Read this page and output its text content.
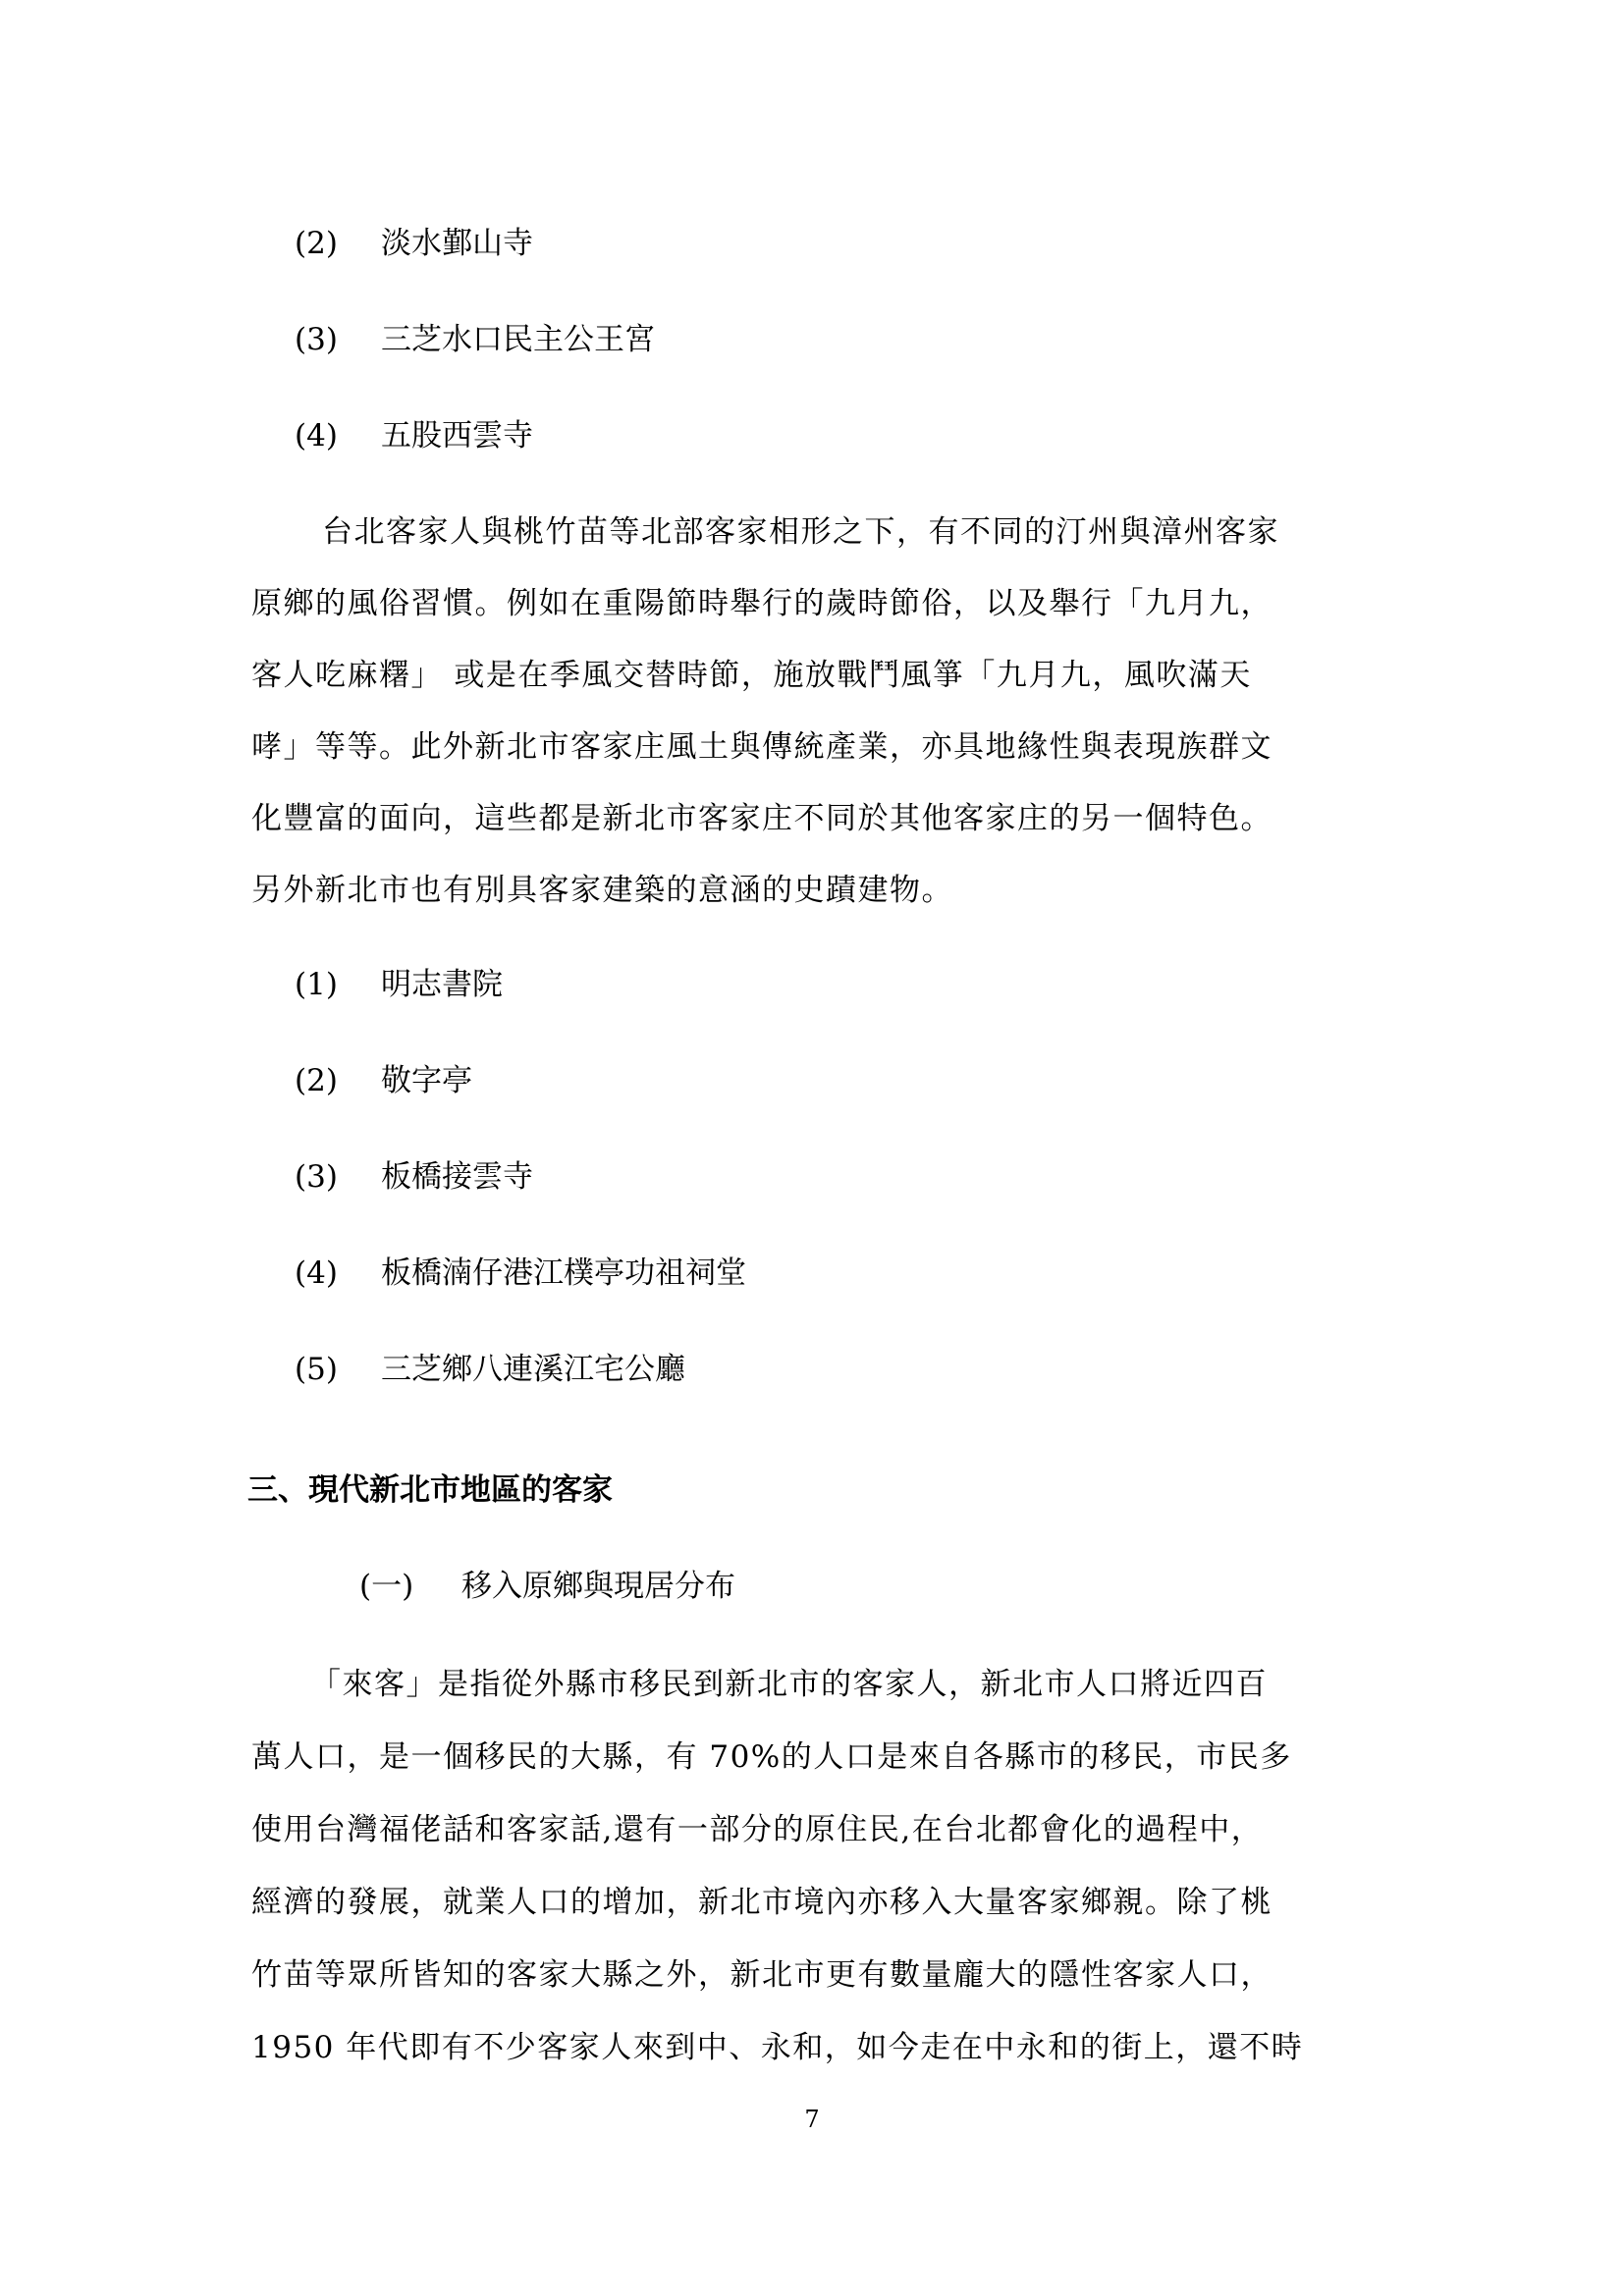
(2) 淡水鄞山寺
(3) 三芝水口民主公王宮
(4) 五股西雲寺
台北客家人與桃竹苗等北部客家相形之下，有不同的汀州與漳州客家
原鄉的風俗習慣。例如在重陽節時舉行的歲時節俗，以及舉行「九月九，
客人吃麻糬」 或是在季風交替時節，施放戰鬥風箏「九月九，風吹滿天
哮」等等。此外新北市客家庄風土與傳統產業，亦具地緣性與表現族群文
化豐富的面向，這些都是新北市客家庄不同於其他客家庄的另一個特色。
另外新北市也有別具客家建築的意涵的史蹟建物。
(1) 明志書院
(2) 敬字亭
(3) 板橋接雲寺
(4) 板橋湳仔港江樸亭功祖祠堂
(5) 三芝鄉八連溪江宅公廳
三、現代新北市地區的客家
(一) 移入原鄉與現居分布
「來客」是指從外縣市移民到新北市的客家人，新北市人口將近四百
萬人口，是一個移民的大縣，有 70%的人口是來自各縣市的移民，市民多
使用台灣福佬話和客家話,還有一部分的原住民,在台北都會化的過程中，
經濟的發展，就業人口的增加，新北市境內亦移入大量客家鄉親。除了桃
竹苗等眾所皆知的客家大縣之外，新北市更有數量龐大的隱性客家人口，
1950 年代即有不少客家人來到中、永和，如今走在中永和的街上，還不時
7
